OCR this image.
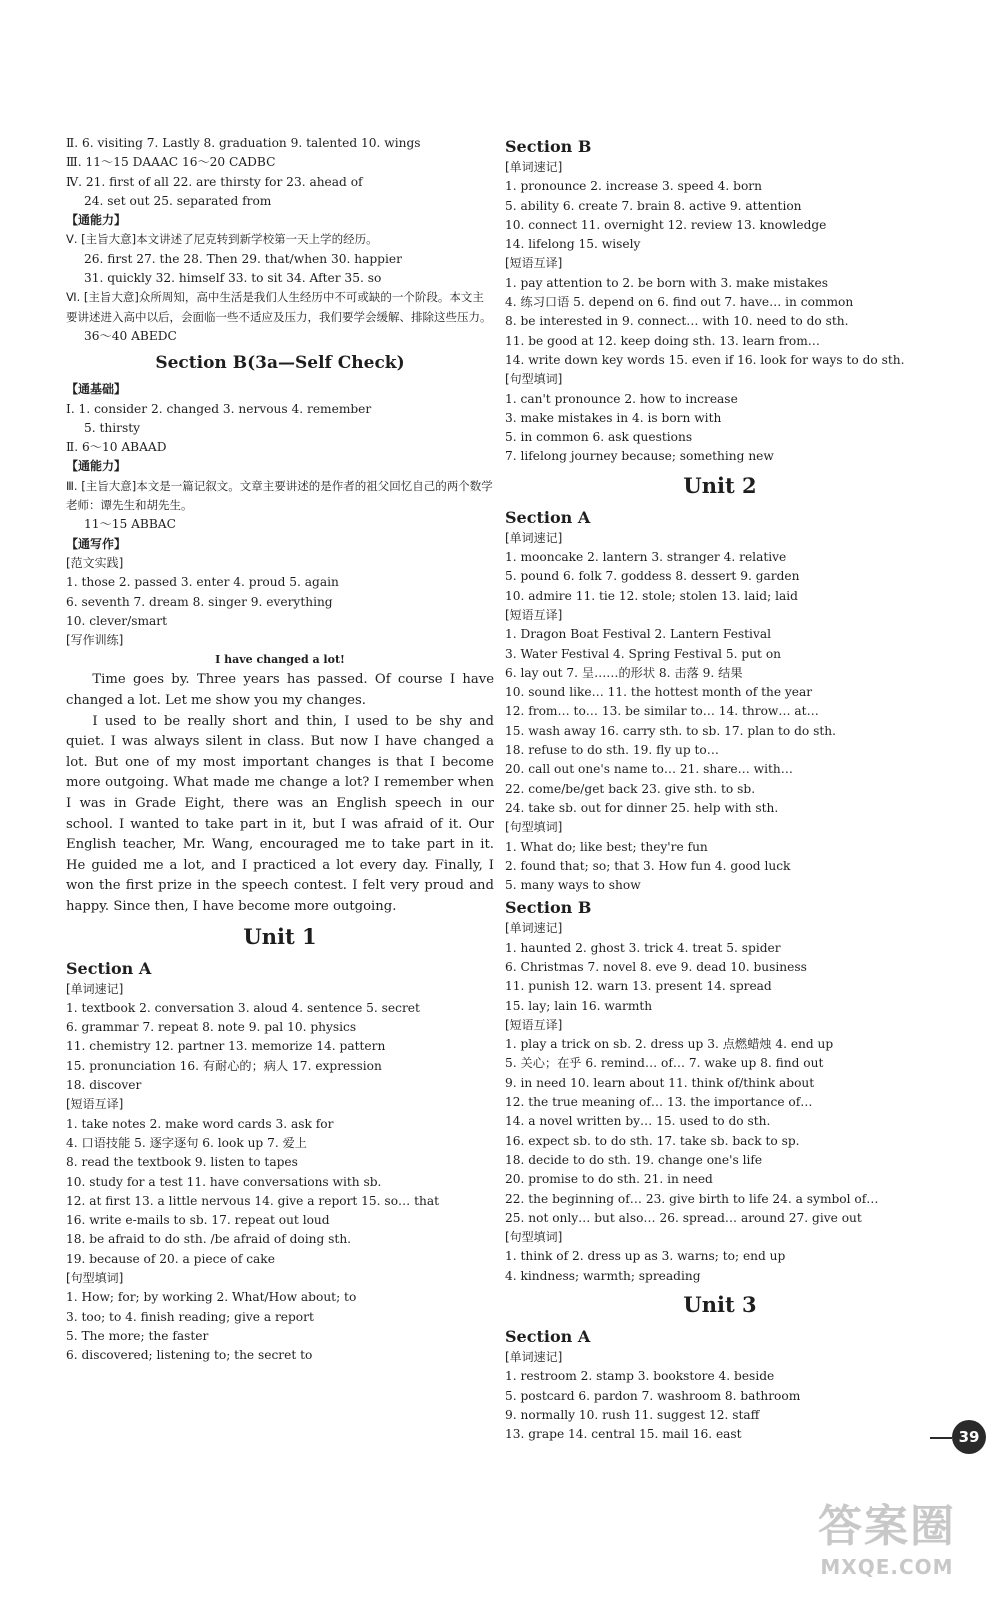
Ⅱ. 6. visiting 7. Lastly 8. graduation 9. talented 10. wings
Ⅲ. 11～15 DAAAC 16～20 CADBC
Ⅳ. 21. first of all 22. are thirsty for 23. ahead of
24. set out 25. separated from
【通能力】
Ⅴ. [主旨大意]本文讲述了尼克转到新学校第一天上学的经历。
26. first 27. the 28. Then 29. that/when 30. happier
31. quickly 32. himself 33. to sit 34. After 35. so
Ⅵ. [主旨大意]众所周知，高中生活是我们人生经历中不可或缺的一个阶段。本文主要讲述进入高中以后，会面临一些不适应及压力，我们要学会缓解、排除这些压力。
36～40 ABEDC
Section B(3a—Self Check)
【通基础】
Ⅰ. 1. consider 2. changed 3. nervous 4. remember
5. thirsty
Ⅱ. 6～10 ABAAD
【通能力】
Ⅲ. [主旨大意]本文是一篇记叙文。文章主要讲述的是作者的祖父回忆自己的两个数学老师：谭先生和胡先生。
11～15 ABBAC
【通写作】
[范文实践]
1. those 2. passed 3. enter 4. proud 5. again
6. seventh 7. dream 8. singer 9. everything
10. clever/smart
[写作训练]
I have changed a lot!

Time goes by. Three years has passed. Of course I have changed a lot. Let me show you my changes.

I used to be really short and thin, I used to be shy and quiet. I was always silent in class. But now I have changed a lot. But one of my most important changes is that I become more outgoing. What made me change a lot? I remember when I was in Grade Eight, there was an English speech in our school. I wanted to take part in it, but I was afraid of it. Our English teacher, Mr. Wang, encouraged me to take part in it. He guided me a lot, and I practiced a lot every day. Finally, I won the first prize in the speech contest. I felt very proud and happy. Since then, I have become more outgoing.

Unit 1
Section A
[单词速记]
1. textbook 2. conversation 3. aloud 4. sentence 5. secret
6. grammar 7. repeat 8. note 9. pal 10. physics
11. chemistry 12. partner 13. memorize 14. pattern
15. pronunciation 16. 有耐心的；病人 17. expression
18. discover
[短语互译]
1. take notes 2. make word cards 3. ask for
4. 口语技能 5. 逐字逐句 6. look up 7. 爱上
8. read the textbook 9. listen to tapes
10. study for a test 11. have conversations with sb.
12. at first 13. a little nervous 14. give a report 15. so… that
16. write e-mails to sb. 17. repeat out loud
18. be afraid to do sth. /be afraid of doing sth.
19. because of 20. a piece of cake
[句型填词]
1. How; for; by working 2. What/How about; to
3. too; to 4. finish reading; give a report
5. The more; the faster
6. discovered; listening to; the secret to
Section B
[单词速记]
1. pronounce 2. increase 3. speed 4. born
5. ability 6. create 7. brain 8. active 9. attention
10. connect 11. overnight 12. review 13. knowledge
14. lifelong 15. wisely
[短语互译]
1. pay attention to 2. be born with 3. make mistakes
4. 练习口语 5. depend on 6. find out 7. have… in common
8. be interested in 9. connect… with 10. need to do sth.
11. be good at 12. keep doing sth. 13. learn from…
14. write down key words 15. even if 16. look for ways to do sth.
[句型填词]
1. can't pronounce 2. how to increase
3. make mistakes in 4. is born with
5. in common 6. ask questions
7. lifelong journey because; something new
Unit 2
Section A
[单词速记]
1. mooncake 2. lantern 3. stranger 4. relative
5. pound 6. folk 7. goddess 8. dessert 9. garden
10. admire 11. tie 12. stole; stolen 13. laid; laid
[短语互译]
1. Dragon Boat Festival 2. Lantern Festival
3. Water Festival 4. Spring Festival 5. put on
6. lay out 7. 呈……的形状 8. 击落 9. 结果
10. sound like… 11. the hottest month of the year
12. from… to… 13. be similar to… 14. throw… at…
15. wash away 16. carry sth. to sb. 17. plan to do sth.
18. refuse to do sth. 19. fly up to…
20. call out one's name to… 21. share… with…
22. come/be/get back 23. give sth. to sb.
24. take sb. out for dinner 25. help with sth.
[句型填词]
1. What do; like best; they're fun
2. found that; so; that 3. How fun 4. good luck
5. many ways to show
Section B
[单词速记]
1. haunted 2. ghost 3. trick 4. treat 5. spider
6. Christmas 7. novel 8. eve 9. dead 10. business
11. punish 12. warn 13. present 14. spread
15. lay; lain 16. warmth
[短语互译]
1. play a trick on sb. 2. dress up 3. 点燃蜡烛 4. end up
5. 关心；在乎 6. remind… of… 7. wake up 8. find out
9. in need 10. learn about 11. think of/think about
12. the true meaning of… 13. the importance of…
14. a novel written by… 15. used to do sth.
16. expect sb. to do sth. 17. take sb. back to sp.
18. decide to do sth. 19. change one's life
20. promise to do sth. 21. in need
22. the beginning of… 23. give birth to life 24. a symbol of…
25. not only… but also… 26. spread… around 27. give out
[句型填词]
1. think of 2. dress up as 3. warns; to; end up
4. kindness; warmth; spreading
Unit 3
Section A
[单词速记]
1. restroom 2. stamp 3. bookstore 4. beside
5. postcard 6. pardon 7. washroom 8. bathroom
9. normally 10. rush 11. suggest 12. staff
13. grape 14. central 15. mail 16. east	39
答案圈
MXQE.COM
